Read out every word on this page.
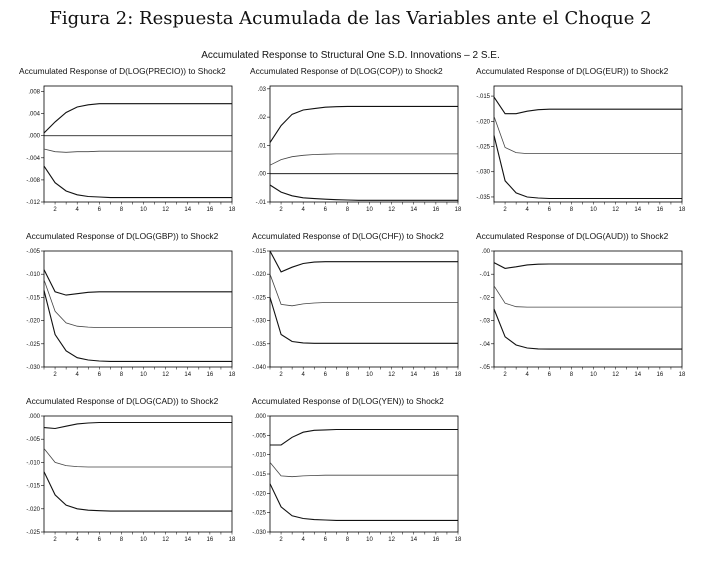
Figura 2: Respuesta Acumulada de las Variables ante el Choque 2
Accumulated Response to Structural One S.D. Innovations – 2 S.E.
Accumulated Response of D(LOG(PRECIO)) to Shock2
.008
.004
.000
-.004
-.008
-.012
2	4	6	8	10	12	14	16	18
Accumulated Response of D(LOG(COP)) to Shock2
.03
.02
.01
.00
-.01
2	4	6	8	10	12	14	16	18
Accumulated Response of D(LOG(EUR)) to Shock2
-.015
-.020
-.025
-.030
-.035
2	4	6	8	10	12	14	16	18
Accumulated Response of D(LOG(GBP)) to Shock2
-.005
-.010
-.015
-.020
-.025
-.030
2	4	6	8	10	12	14	16	18
Accumulated Response of D(LOG(CHF)) to Shock2
-.015
-.020
-.025
-.030
-.035
-.040
2	4	6	8	10	12	14	16	18
Accumulated Response of D(LOG(AUD)) to Shock2
.00
-.01
-.02
-.03
-.04
-.05
2	4	6	8	10	12	14	16	18
Accumulated Response of D(LOG(CAD)) to Shock2
.000
-.005
-.010
-.015
-.020
-.025
2	4	6	8	10	12	14	16	18
Accumulated Response of D(LOG(YEN)) to Shock2
.000
-.005
-.010
-.015
-.020
-.025
-.030
2	4	6	8	10	12	14	16	18
